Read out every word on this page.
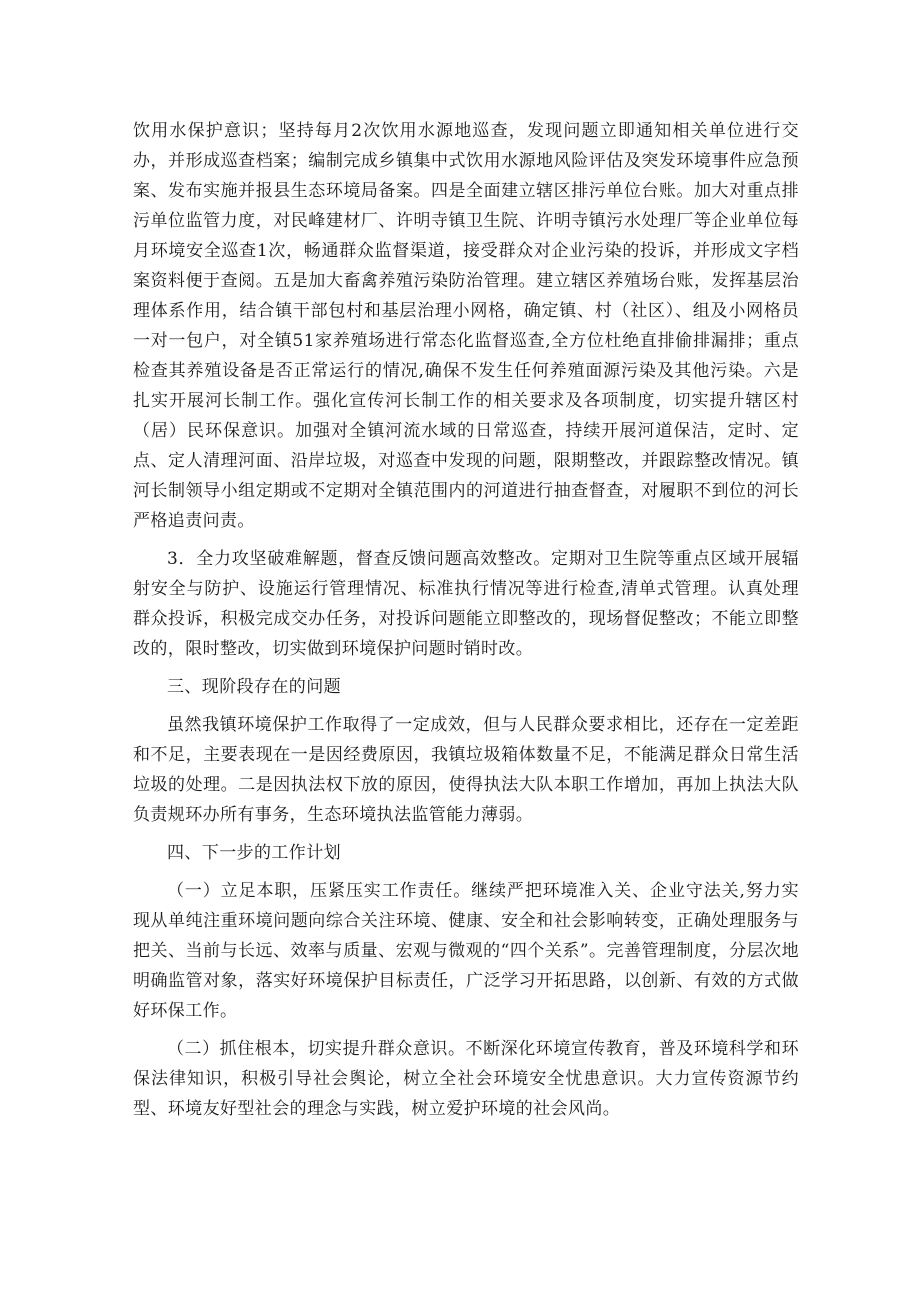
饮用水保护意识；坚持每月2次饮用水源地巡查，发现问题立即通知相关单位进行交办，并形成巡查档案；编制完成乡镇集中式饮用水源地风险评估及突发环境事件应急预案、发布实施并报县生态环境局备案。四是全面建立辖区排污单位台账。加大对重点排污单位监管力度，对民峰建材厂、许明寺镇卫生院、许明寺镇污水处理厂等企业单位每月环境安全巡查1次，畅通群众监督渠道，接受群众对企业污染的投诉，并形成文字档案资料便于查阅。五是加大畜禽养殖污染防治管理。建立辖区养殖场台账，发挥基层治理体系作用，结合镇干部包村和基层治理小网格，确定镇、村（社区）、组及小网格员一对一包户，对全镇51家养殖场进行常态化监督巡查,全方位杜绝直排偷排漏排；重点检查其养殖设备是否正常运行的情况,确保不发生任何养殖面源污染及其他污染。六是扎实开展河长制工作。强化宣传河长制工作的相关要求及各项制度，切实提升辖区村（居）民环保意识。加强对全镇河流水域的日常巡查，持续开展河道保洁，定时、定点、定人清理河面、沿岸垃圾，对巡查中发现的问题，限期整改，并跟踪整改情况。镇河长制领导小组定期或不定期对全镇范围内的河道进行抽查督查，对履职不到位的河长严格追责问责。

3．全力攻坚破难解题，督查反馈问题高效整改。定期对卫生院等重点区域开展辐射安全与防护、设施运行管理情况、标准执行情况等进行检查,清单式管理。认真处理群众投诉，积极完成交办任务，对投诉问题能立即整改的，现场督促整改；不能立即整改的，限时整改，切实做到环境保护问题时销时改。

三、现阶段存在的问题

虽然我镇环境保护工作取得了一定成效，但与人民群众要求相比，还存在一定差距和不足，主要表现在一是因经费原因，我镇垃圾箱体数量不足，不能满足群众日常生活垃圾的处理。二是因执法权下放的原因，使得执法大队本职工作增加，再加上执法大队负责规环办所有事务，生态环境执法监管能力薄弱。

四、下一步的工作计划

（一）立足本职，压紧压实工作责任。继续严把环境准入关、企业守法关,努力实现从单纯注重环境问题向综合关注环境、健康、安全和社会影响转变，正确处理服务与把关、当前与长远、效率与质量、宏观与微观的“四个关系”。完善管理制度，分层次地明确监管对象，落实好环境保护目标责任，广泛学习开拓思路，以创新、有效的方式做好环保工作。

（二）抓住根本，切实提升群众意识。不断深化环境宣传教育，普及环境科学和环保法律知识，积极引导社会舆论，树立全社会环境安全忧患意识。大力宣传资源节约型、环境友好型社会的理念与实践，树立爱护环境的社会风尚。
